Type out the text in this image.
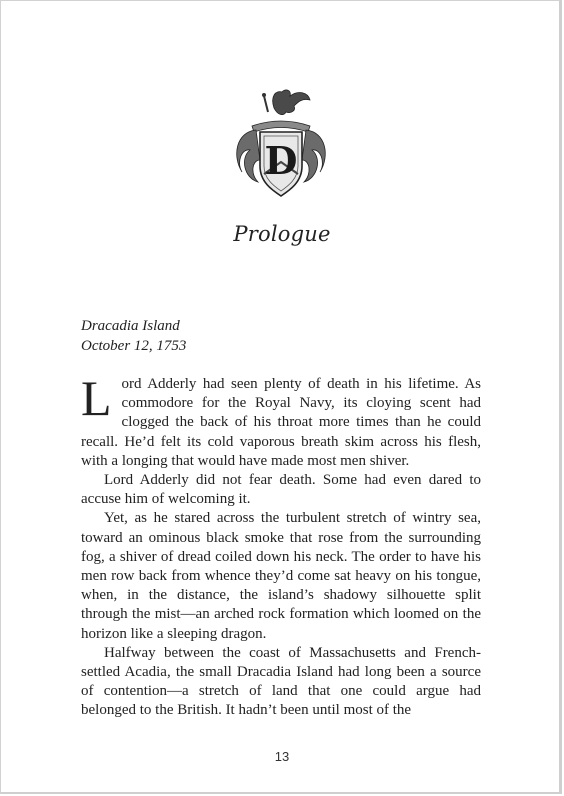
D
Prologue
Dracadia Island
October 12, 1753

Lord Adderly had seen plenty of death in his lifetime. As commodore for the Royal Navy, its cloying scent had clogged the back of his throat more times than he could recall. He’d felt its cold vaporous breath skim across his flesh, with a longing that would have made most men shiver.

Lord Adderly did not fear death. Some had even dared to accuse him of welcoming it.

Yet, as he stared across the turbulent stretch of wintry sea, toward an ominous black smoke that rose from the surrounding fog, a shiver of dread coiled down his neck. The order to have his men row back from whence they’d come sat heavy on his tongue, when, in the distance, the island’s shadowy silhouette split through the mist—an arched rock formation which loomed on the horizon like a sleeping dragon.

Halfway between the coast of Massachusetts and French-settled Acadia, the small Dracadia Island had long been a source of contention—a stretch of land that one could argue had belonged to the British. It hadn’t been until most of the

13
